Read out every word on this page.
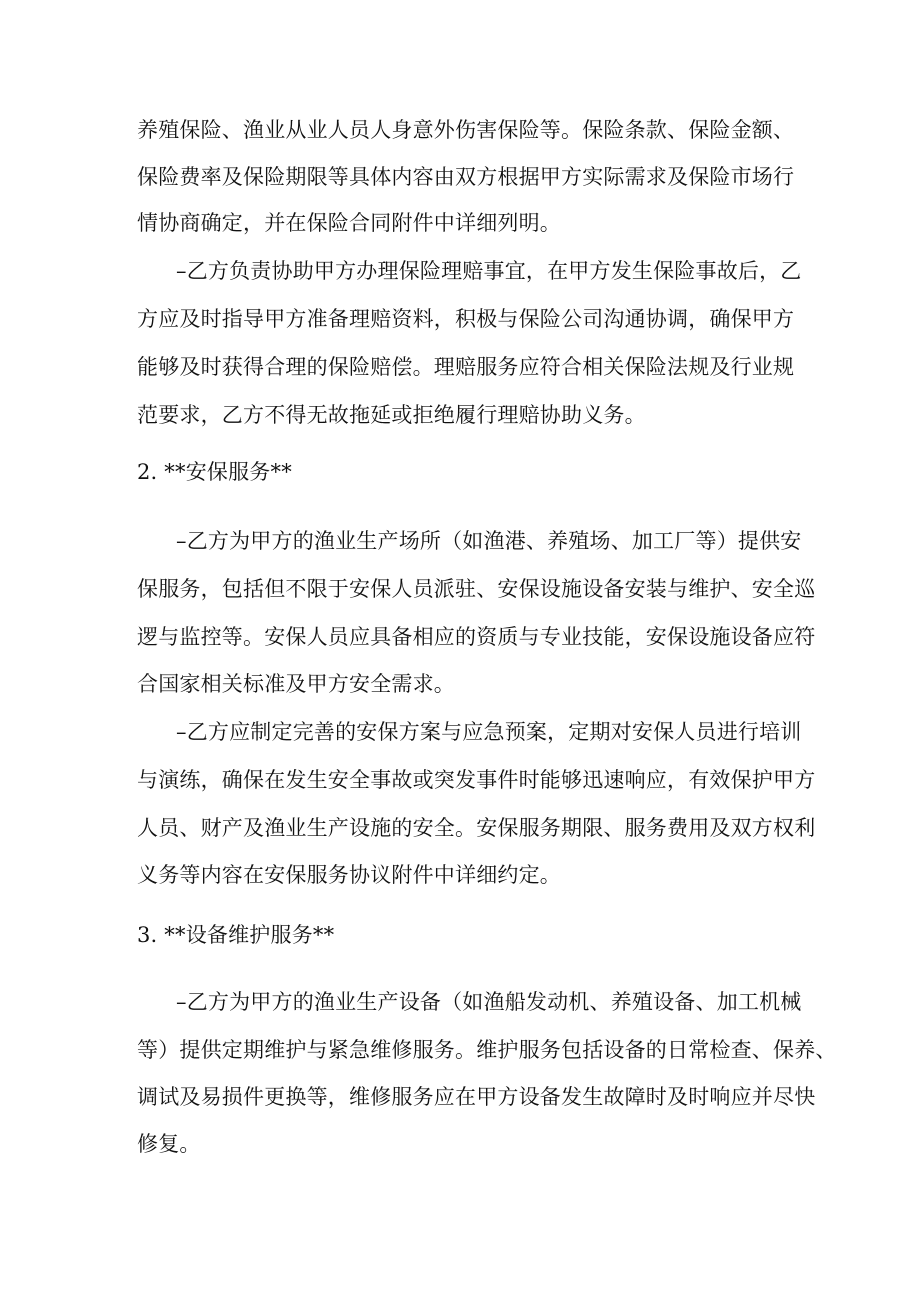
养殖保险、渔业从业人员人身意外伤害保险等。保险条款、保险金额、
保险费率及保险期限等具体内容由双方根据甲方实际需求及保险市场行
情协商确定，并在保险合同附件中详细列明。
–乙方负责协助甲方办理保险理赔事宜，在甲方发生保险事故后，乙
方应及时指导甲方准备理赔资料，积极与保险公司沟通协调，确保甲方
能够及时获得合理的保险赔偿。理赔服务应符合相关保险法规及行业规
范要求，乙方不得无故拖延或拒绝履行理赔协助义务。
2. **安保服务**
–乙方为甲方的渔业生产场所（如渔港、养殖场、加工厂等）提供安
保服务，包括但不限于安保人员派驻、安保设施设备安装与维护、安全巡
逻与监控等。安保人员应具备相应的资质与专业技能，安保设施设备应符
合国家相关标准及甲方安全需求。
–乙方应制定完善的安保方案与应急预案，定期对安保人员进行培训
与演练，确保在发生安全事故或突发事件时能够迅速响应，有效保护甲方
人员、财产及渔业生产设施的安全。安保服务期限、服务费用及双方权利
义务等内容在安保服务协议附件中详细约定。
3. **设备维护服务**
–乙方为甲方的渔业生产设备（如渔船发动机、养殖设备、加工机械
等）提供定期维护与紧急维修服务。维护服务包括设备的日常检查、保养、
调试及易损件更换等，维修服务应在甲方设备发生故障时及时响应并尽快
修复。
